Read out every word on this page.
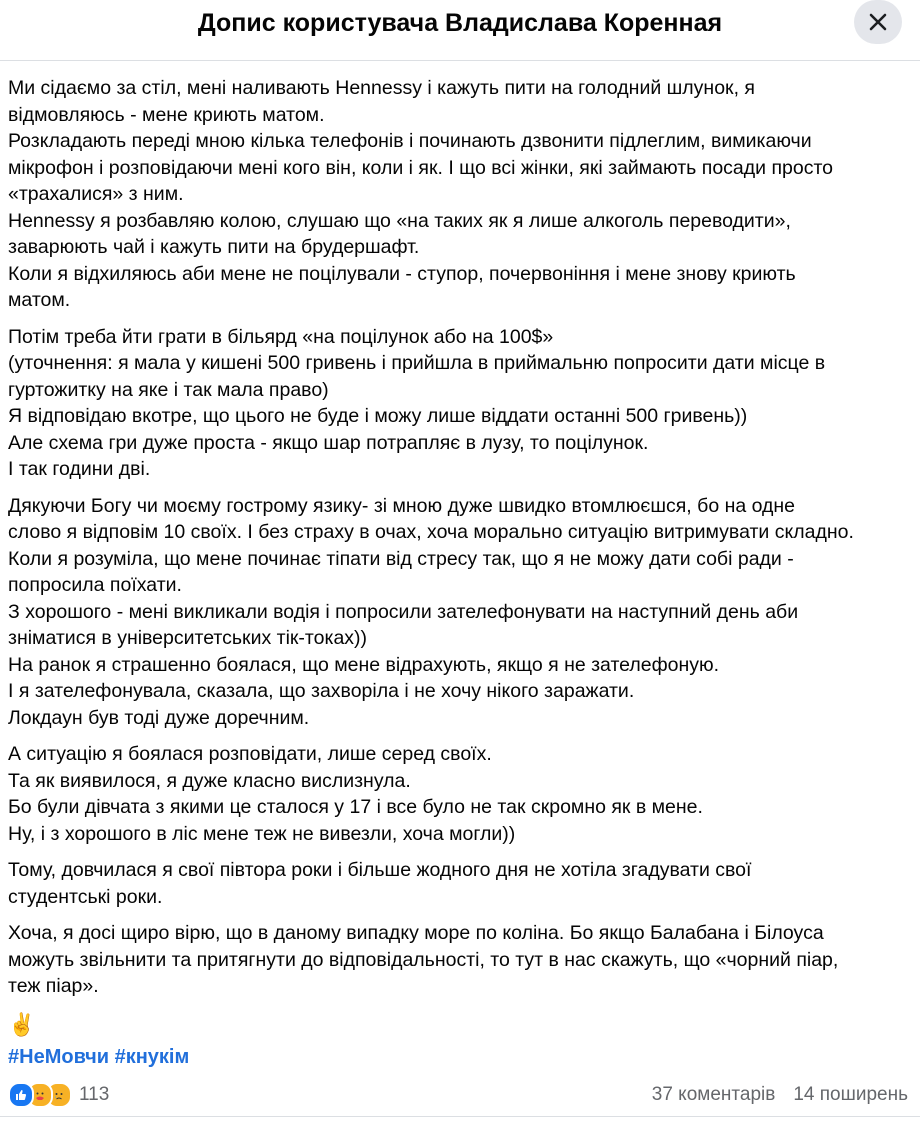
Допис користувача Владислава Коренная
Ми сідаємо за стіл, мені наливають Hennessy і кажуть пити на голодний шлунок, я
відмовляюсь - мене криють матом.
Розкладають переді мною кілька телефонів і починають дзвонити підлеглим, вимикаючи
мікрофон і розповідаючи мені кого він, коли і як. І що всі жінки, які займають посади просто
«трахалися» з ним.
Hennessy я розбавляю колою, слушаю що «на таких як я лише алкоголь переводити»,
заварюють чай і кажуть пити на брудершафт.
Коли я відхиляюсь аби мене не поцілували - ступор, почервоніння і мене знову криють
матом.
Потім треба йти грати в більярд «на поцілунок або на 100$»
(уточнення: я мала у кишені 500 гривень і прийшла в приймальню попросити дати місце в
гуртожитку на яке і так мала право)
Я відповідаю вкотре, що цього не буде і можу лише віддати останні 500 гривень))
Але схема гри дуже проста - якщо шар потрапляє в лузу, то поцілунок.
І так години дві.
Дякуючи Богу чи моєму гострому язику- зі мною дуже швидко втомлюєшся, бо на одне
слово я відповім 10 своїх. І без страху в очах, хоча морально ситуацію витримувати складно.
Коли я розуміла, що мене починає тіпати від стресу так, що я не можу дати собі ради -
попросила поїхати.
З хорошого - мені викликали водія і попросили зателефонувати на наступний день аби
зніматися в університетських тік-токах))
На ранок я страшенно боялася, що мене відрахують, якщо я не зателефоную.
І я зателефонувала, сказала, що захворіла і не хочу нікого заражати.
Локдаун був тоді дуже доречним.
А ситуацію я боялася розповідати, лише серед своїх.
Та як виявилося, я дуже класно вислизнула.
Бо були дівчата з якими це сталося у 17 і все було не так скромно як в мене.
Ну, і з хорошого в ліс мене теж не вивезли, хоча могли))
Тому, довчилася я свої півтора роки і більше жодного дня не хотіла згадувати свої
студентські роки.
Хоча, я досі щиро вірю, що в даному випадку море по коліна. Бо якщо Балабана і Білоуса
можуть звільнити та притягнути до відповідальності, то тут в нас скажуть, що «чорний піар,
теж піар».
✌️
#НеМовчи #кнукім
113	37 коментарів 14 поширень
